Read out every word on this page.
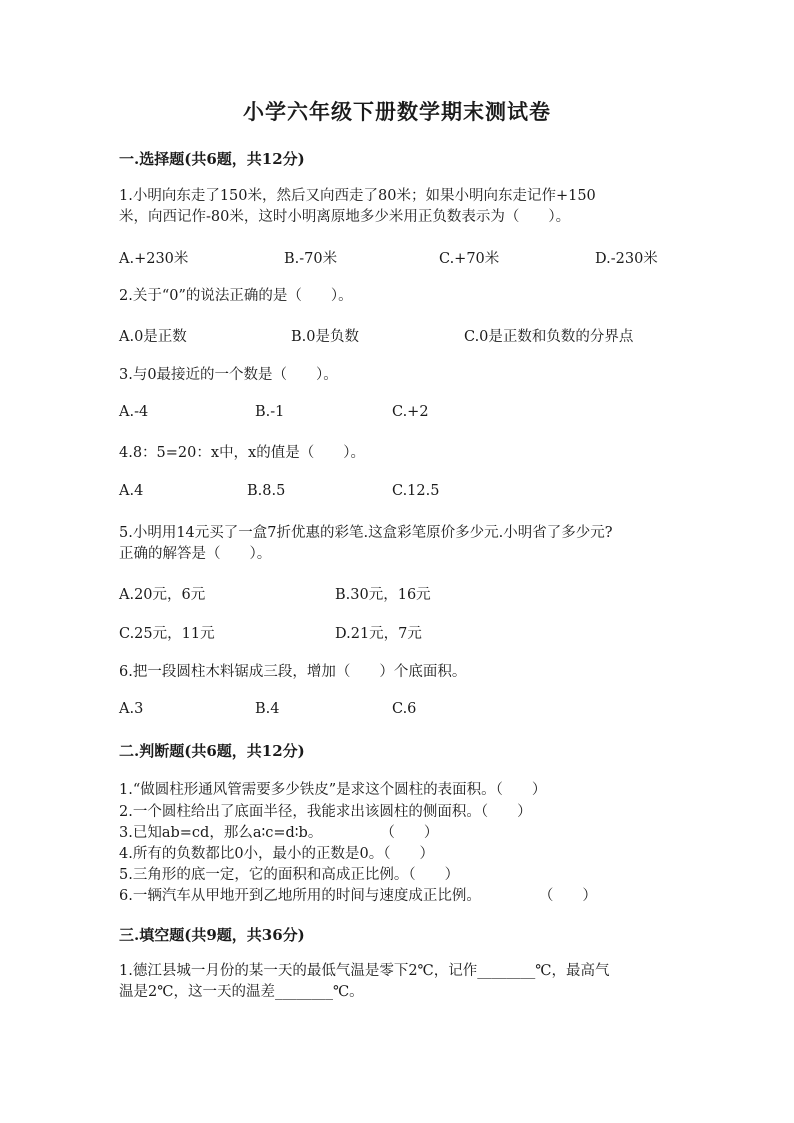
小学六年级下册数学期末测试卷
一.选择题(共6题，共12分)
1.小明向东走了150米，然后又向西走了80米；如果小明向东走记作+150
米，向西记作-80米，这时小明离原地多少米用正负数表示为（　　）。
A.+230米	B.-70米	C.+70米	D.-230米
2.关于“0”的说法正确的是（　　）。
A.0是正数	B.0是负数	C.0是正数和负数的分界点
3.与0最接近的一个数是（　　）。
A.-4	B.-1	C.+2
4.8：5=20：x中，x的值是（　　）。
A.4	B.8.5	C.12.5
5.小明用14元买了一盒7折优惠的彩笔.这盒彩笔原价多少元.小明省了多少元?
正确的解答是（　　）。
A.20元，6元	B.30元，16元
C.25元，11元	D.21元，7元
6.把一段圆柱木料锯成三段，增加（　　）个底面积。
A.3	B.4	C.6
二.判断题(共6题，共12分)
1.“做圆柱形通风管需要多少铁皮”是求这个圆柱的表面积。（　　）
2.一个圆柱给出了底面半径，我能求出该圆柱的侧面积。（　　）
3.已知ab=cd，那么a∶c=d∶b。　　　　　（　　）
4.所有的负数都比0小，最小的正数是0。（　　）
5.三角形的底一定，它的面积和高成正比例。（　　）
6.一辆汽车从甲地开到乙地所用的时间与速度成正比例。　　　　　（　　）
三.填空题(共9题，共36分)
1.德江县城一月份的某一天的最低气温是零下2℃，记作________℃，最高气
温是2℃，这一天的温差________℃。
